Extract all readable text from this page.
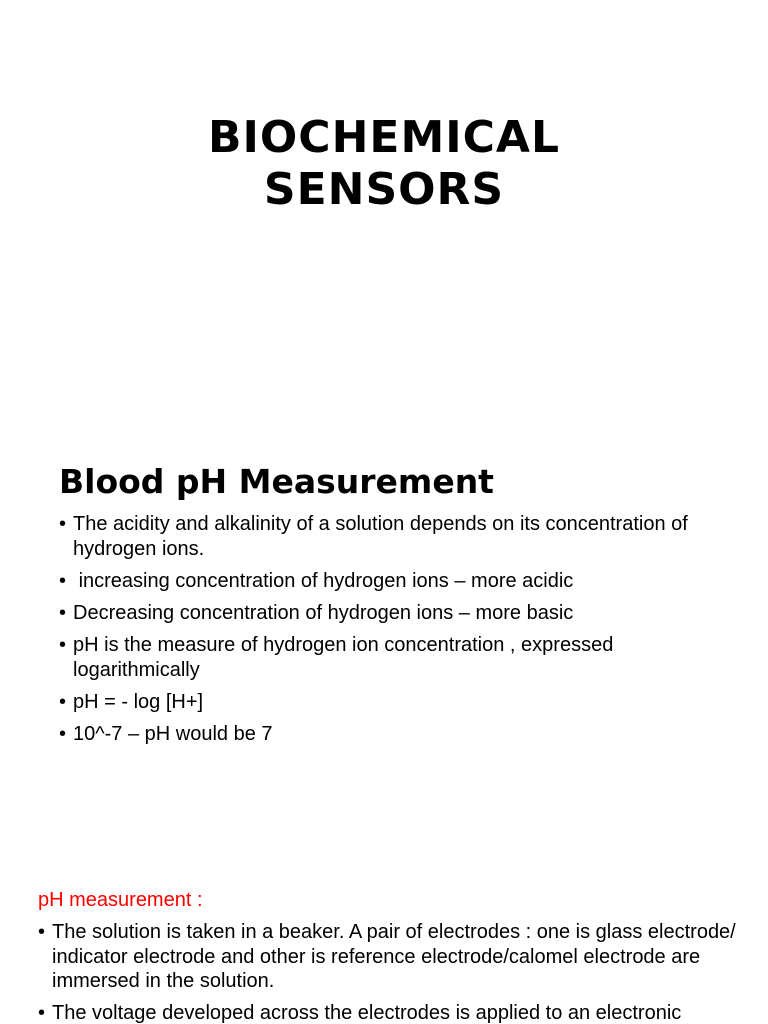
BIOCHEMICAL
SENSORS
Blood pH Measurement
• The acidity and alkalinity of a solution depends on its concentration of hydrogen ions.
• increasing concentration of hydrogen ions – more acidic
• Decreasing concentration of hydrogen ions – more basic
• pH is the measure of hydrogen ion concentration , expressed logarithmically
• pH = - log [H+]
• 10^-7 – pH would be 7
pH measurement :
• The solution is taken in a beaker. A pair of electrodes : one is glass electrode/ indicator electrode and other is reference electrode/calomel electrode are immersed in the solution.
• The voltage developed across the electrodes is applied to an electronic
